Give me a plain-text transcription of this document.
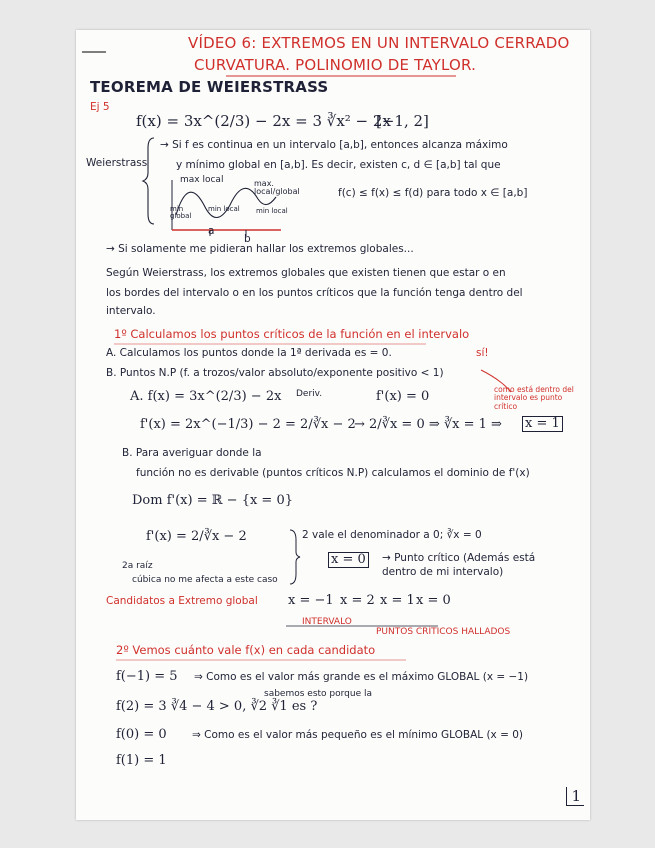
VÍDEO 6: EXTREMOS EN UN INTERVALO CERRADO
CURVATURA. POLINOMIO DE TAYLOR.
TEOREMA DE WEIERSTRASS
Ej 5
f(x) = 3x^(2/3) − 2x = 3 ∛x² − 2x
[−1, 2]
Weierstrass
→ Si f es continua en un intervalo [a,b], entonces alcanza máximo
y mínimo global en [a,b]. Es decir, existen c, d ∈ [a,b] tal que
f(c) ≤ f(x) ≤ f(d) para todo x ∈ [a,b]
max local	max. local/global
min global
min local min local
a
b
→ Si solamente me pidieran hallar los extremos globales...
Según Weierstrass, los extremos globales que existen tienen que estar o en
los bordes del intervalo o en los puntos críticos que la función tenga dentro del
intervalo.
1º Calculamos los puntos críticos de la función en el intervalo
A. Calculamos los puntos donde la 1ª derivada es = 0.	sí!
B. Puntos N.P (f. a trozos/valor absoluto/exponente positivo < 1)
A. f(x) = 3x^(2/3) − 2x Deriv.	f'(x) = 0	como está dentro del intervalo es punto crítico
f'(x) = 2x^(−1/3) − 2 = 2/∛x − 2
→ 2/∛x = 0 ⇒ ∛x = 1 ⇒ x = 1
B. Para averiguar donde la
función no es derivable (puntos críticos N.P) calculamos el dominio de f'(x)
Dom f'(x) = ℝ − {x = 0}
f'(x) = 2/∛x − 2	2 vale el denominador a 0; ∛x = 0
x = 0 → Punto crítico (Además está dentro de mi intervalo)
2a raíz
cúbica no me afecta a este caso
Candidatos a Extremo global x = −1 x = 2 x = 1 x = 0
INTERVALO
PUNTOS CRÍTICOS HALLADOS
2º Vemos cuánto vale f(x) en cada candidato
f(−1) = 5 ⇒ Como es el valor más grande es el máximo GLOBAL (x = −1)
sabemos esto porque la
f(2) = 3 ∛4 − 4 > 0, ∛2 ∛1 es ?
f(0) = 0 ⇒ Como es el valor más pequeño es el mínimo GLOBAL (x = 0)
f(1) = 1
1
